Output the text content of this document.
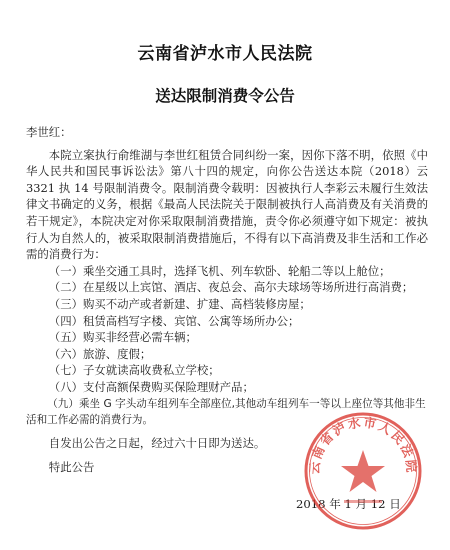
云南省泸水市人民法院
送达限制消费令公告

李世红：

本院立案执行俞维湖与李世红租赁合同纠纷一案，因你下落不明，依照《中华人民共和国民事诉讼法》第八十四的规定，向你公告送达本院（2018）云 3321 执 14 号限制消费令。限制消费令载明：因被执行人李彩云未履行生效法律文书确定的义务，根据《最高人民法院关于限制被执行人高消费及有关消费的若干规定》，本院决定对你采取限制消费措施，责令你必须遵守如下规定：被执行人为自然人的，被采取限制消费措施后，不得有以下高消费及非生活和工作必需的消费行为：

（一）乘坐交通工具时，选择飞机、列车软卧、轮船二等以上舱位；

（二）在星级以上宾馆、酒店、夜总会、高尔夫球场等场所进行高消费；

（三）购买不动产或者新建、扩建、高档装修房屋；

（四）租赁高档写字楼、宾馆、公寓等场所办公；

（五）购买非经营必需车辆；

（六）旅游、度假；

（七）子女就读高收费私立学校；

（八）支付高额保费购买保险理财产品；

（九）乘坐 G 字头动车组列车全部座位,其他动车组列车一等以上座位等其他非生活和工作必需的消费行为。

自发出公告之日起，经过六十日即为送达。

特此公告

2018 年 1 月 12 日
云南省泸水市人民法院
